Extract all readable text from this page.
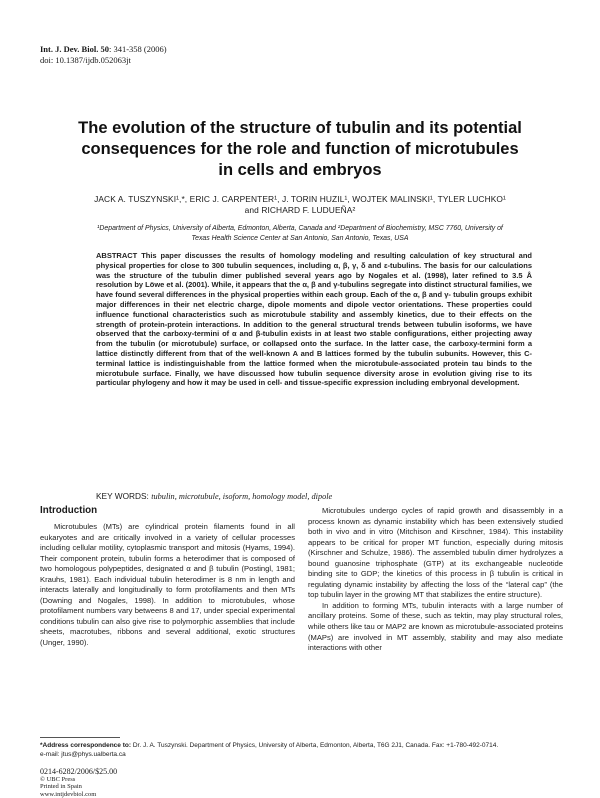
Int. J. Dev. Biol. 50: 341-358 (2006)
doi: 10.1387/ijdb.052063jt
The evolution of the structure of tubulin and its potential
consequences for the role and function of microtubules
in cells and embryos
JACK A. TUSZYNSKI¹,*, ERIC J. CARPENTER¹, J. TORIN HUZIL¹, WOJTEK MALINSKI¹, TYLER LUCHKO¹
and RICHARD F. LUDUEÑA²
¹Department of Physics, University of Alberta, Edmonton, Alberta, Canada and ²Department of Biochemistry, MSC 7760, University of
Texas Health Science Center at San Antonio, San Antonio, Texas, USA
ABSTRACT This paper discusses the results of homology modeling and resulting calculation of key structural and physical properties for close to 300 tubulin sequences, including α, β, γ, δ and ε-tubulins. The basis for our calculations was the structure of the tubulin dimer published several years ago by Nogales et al. (1998), later refined to 3.5 Å resolution by Löwe et al. (2001). While, it appears that the α, β and γ-tubulins segregate into distinct structural families, we have found several differences in the physical properties within each group. Each of the α, β and γ- tubulin groups exhibit major differences in their net electric charge, dipole moments and dipole vector orientations. These properties could influence functional characteristics such as microtubule stability and assembly kinetics, due to their effects on the strength of protein-protein interactions. In addition to the general structural trends between tubulin isoforms, we have observed that the carboxy-termini of α and β-tubulin exists in at least two stable configurations, either projecting away from the tubulin (or microtubule) surface, or collapsed onto the surface. In the latter case, the carboxy-termini form a lattice distinctly different from that of the well-known A and B lattices formed by the tubulin subunits. However, this C-terminal lattice is indistinguishable from the lattice formed when the microtubule-associated protein tau binds to the microtubule surface. Finally, we have discussed how tubulin sequence diversity arose in evolution giving rise to its particular phylogeny and how it may be used in cell- and tissue-specific expression including embryonal development.
KEY WORDS: tubulin, microtubule, isoform, homology model, dipole
Introduction

Microtubules (MTs) are cylindrical protein filaments found in all eukaryotes and are critically involved in a variety of cellular processes including cellular motility, cytoplasmic transport and mitosis (Hyams, 1994). Their component protein, tubulin forms a heterodimer that is composed of two homologous polypeptides, designated α and β tubulin (Postingl, 1981; Krauhs, 1981). Each individual tubulin heterodimer is 8 nm in length and interacts laterally and longitudinally to form protofilaments and then MTs (Downing and Nogales, 1998). In addition to microtubules, whose protofilament numbers vary betweens 8 and 17, under special experimental conditions tubulin can also give rise to polymorphic assemblies that include sheets, macrotubes, ribbons and several additional, exotic structures (Unger, 1990).

Microtubules undergo cycles of rapid growth and disassembly in a process known as dynamic instability which has been extensively studied both in vivo and in vitro (Mitchison and Kirschner, 1984). This instability appears to be critical for proper MT function, especially during mitosis (Kirschner and Schulze, 1986). The assembled tubulin dimer hydrolyzes a bound guanosine triphosphate (GTP) at its exchangeable nucleotide binding site to GDP; the kinetics of this process in β tubulin is critical in regulating dynamic instability by affecting the loss of the “lateral cap” (the top tubulin layer in the growing MT that stabilizes the entire structure).

In addition to forming MTs, tubulin interacts with a large number of ancillary proteins. Some of these, such as tektin, may play structural roles, while others like tau or MAP2 are known as microtubule-associated proteins (MAPs) are involved in MT assembly, stability and may also mediate interactions with other

*Address correspondence to: Dr. J. A. Tuszynski. Department of Physics, University of Alberta, Edmonton, Alberta, T6G 2J1, Canada. Fax: +1-780-492-0714.
e-mail: jtus@phys.ualberta.ca
0214-6282/2006/$25.00
© UBC Press
Printed in Spain
www.intjdevbiol.com
